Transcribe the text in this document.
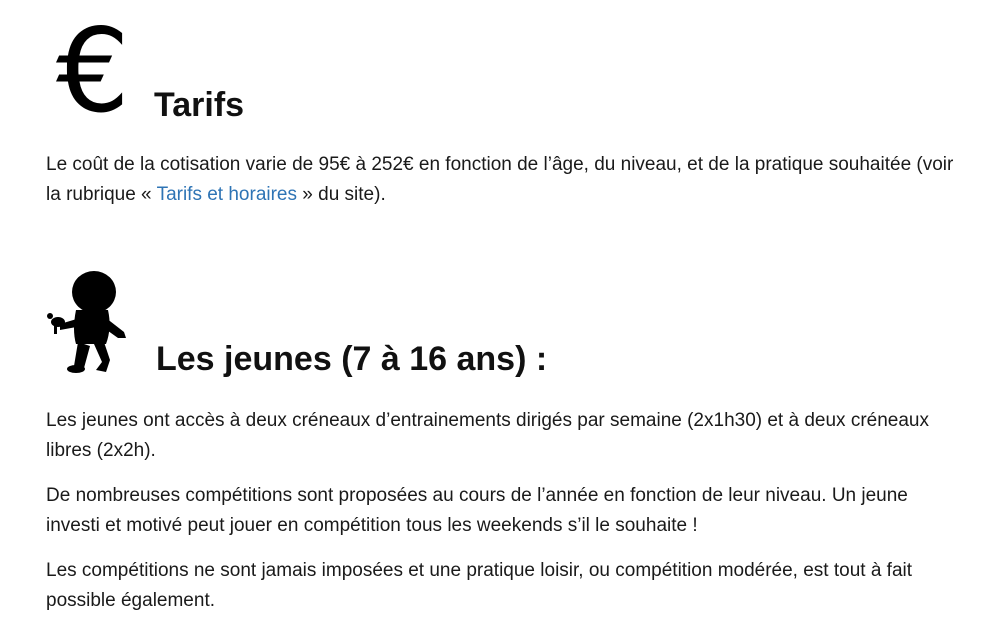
€ Tarifs

Le coût de la cotisation varie de 95€ à 252€ en fonction de l’âge, du niveau, et de la pratique souhaitée (voir la rubrique « Tarifs et horaires » du site).

Les jeunes (7 à 16 ans) :

Les jeunes ont accès à deux créneaux d’entrainements dirigés par semaine (2x1h30) et à deux créneaux libres (2x2h).

De nombreuses compétitions sont proposées au cours de l’année en fonction de leur niveau. Un jeune investi et motivé peut jouer en compétition tous les weekends s’il le souhaite !

Les compétitions ne sont jamais imposées et une pratique loisir, ou compétition modérée, est tout à fait possible également.
